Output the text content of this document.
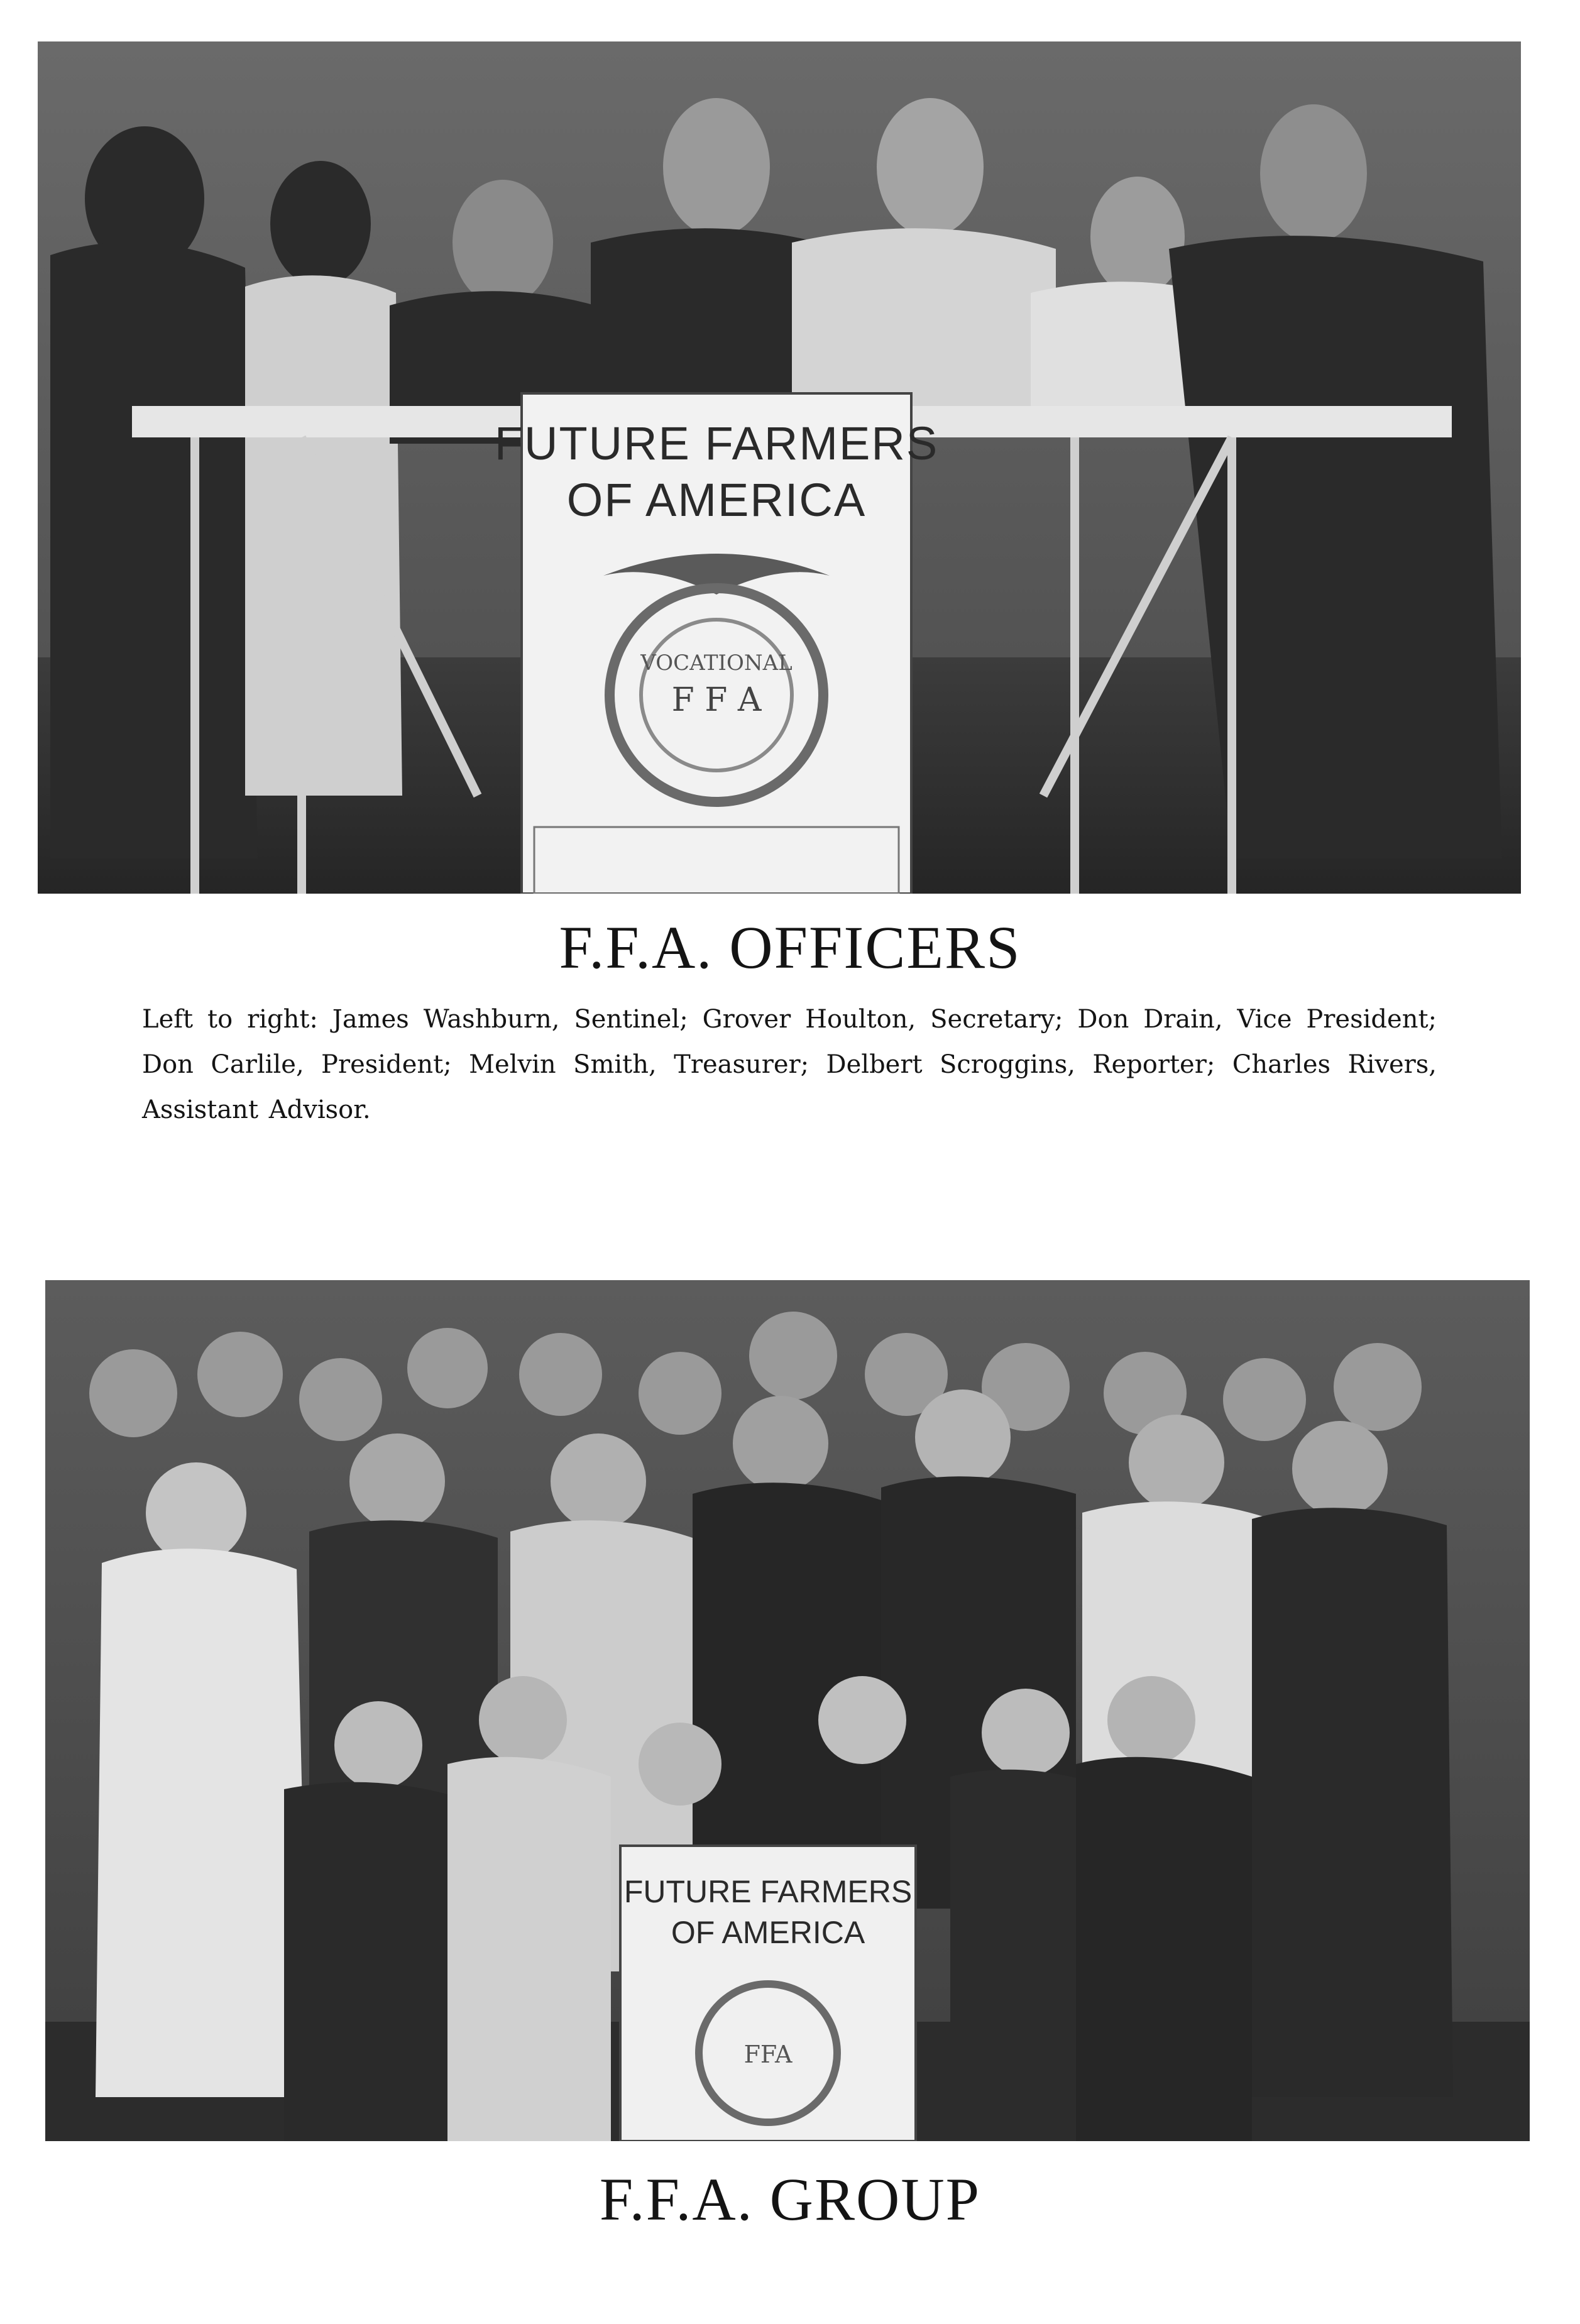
FUTURE FARMERS
OF AMERICA
VOCATIONAL
F F A
F.F.A. OFFICERS

Left to right: James Washburn, Sentinel; Grover Houlton, Secretary; Don Drain, Vice President; Don Carlile, President; Melvin Smith, Treasurer; Delbert Scroggins, Reporter; Charles Rivers, Assistant Advisor.

FUTURE FARMERS
OF AMERICA
FFA
F.F.A. GROUP
